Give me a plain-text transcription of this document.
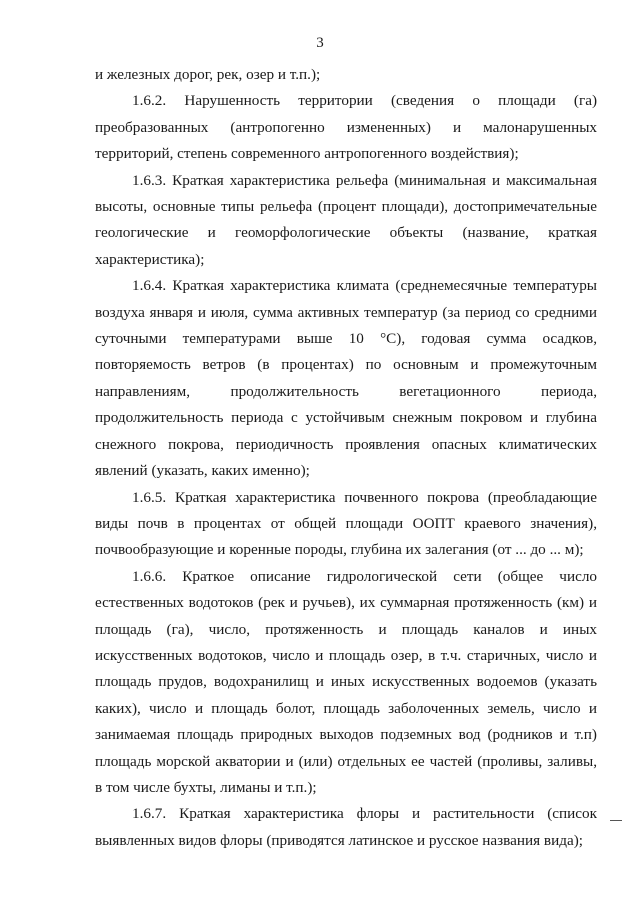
3

и железных дорог, рек, озер и т.п.);

1.6.2. Нарушенность территории (сведения о площади (га) преобразованных (антропогенно измененных) и малонарушенных территорий, степень современного антропогенного воздействия);

1.6.3. Краткая характеристика рельефа (минимальная и максимальная высоты, основные типы рельефа (процент площади), достопримечательные геологические и геоморфологические объекты (название, краткая характеристика);

1.6.4. Краткая характеристика климата (среднемесячные температуры воздуха января и июля, сумма активных температур (за период со средними суточными температурами выше 10 °С), годовая сумма осадков, повторяемость ветров (в процентах) по основным и промежуточным направлениям, продолжительность вегетационного периода, продолжительность периода с устойчивым снежным покровом и глубина снежного покрова, периодичность проявления опасных климатических явлений (указать, каких именно);

1.6.5. Краткая характеристика почвенного покрова (преобладающие виды почв в процентах от общей площади ООПТ краевого значения), почвообразующие и коренные породы, глубина их залегания (от ... до ... м);

1.6.6. Краткое описание гидрологической сети (общее число естественных водотоков (рек и ручьев), их суммарная протяженность (км) и площадь (га), число, протяженность и площадь каналов и иных искусственных водотоков, число и площадь озер, в т.ч. старичных, число и площадь прудов, водохранилищ и иных искусственных водоемов (указать каких), число и площадь болот, площадь заболоченных земель, число и занимаемая площадь природных выходов подземных вод (родников и т.п) площадь морской акватории и (или) отдельных ее частей (проливы, заливы, в том числе бухты, лиманы и т.п.);

1.6.7. Краткая характеристика флоры и растительности (список выявленных видов флоры (приводятся латинское и русское названия вида);
